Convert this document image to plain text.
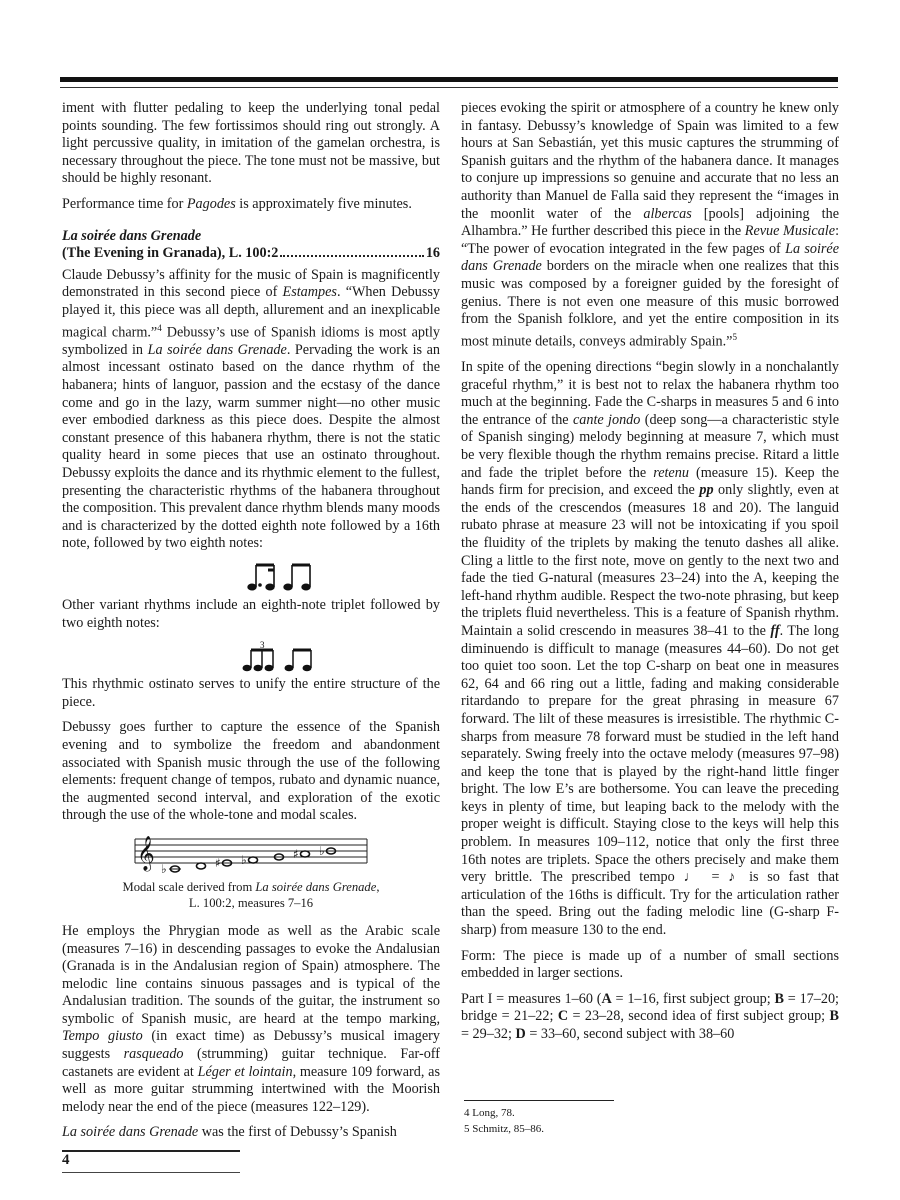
iment with flutter pedaling to keep the underlying tonal pedal points sounding. The few fortissimos should ring out strongly. A light percussive quality, in imitation of the gamelan orchestra, is necessary throughout the piece. The tone must not be massive, but should be highly resonant.

Performance time for Pagodes is approximately five minutes.

La soirée dans Grenade
(The Evening in Granada), L. 100:2	16

Claude Debussy’s affinity for the music of Spain is magnificently demonstrated in this second piece of Estampes. “When Debussy played it, this piece was all depth, allurement and an inexplicable magical charm.”$^4$ Debussy’s use of Spanish idioms is most aptly symbolized in La soirée dans Grenade. Pervading the work is an almost incessant ostinato based on the dance rhythm of the habanera; hints of languor, passion and the ecstasy of the dance come and go in the lazy, warm summer night—no other music ever embodied darkness as this piece does. Despite the almost constant presence of this habanera rhythm, there is not the static quality heard in some pieces that use an ostinato throughout. Debussy exploits the dance and its rhythmic element to the fullest, presenting the characteristic rhythms of the habanera throughout the composition. This prevalent dance rhythm blends many moods and is characterized by the dotted eighth note followed by a 16th note, followed by two eighth notes:

Other variant rhythms include an eighth-note triplet followed by two eighth notes:

3

This rhythmic ostinato serves to unify the entire structure of the piece.

Debussy goes further to capture the essence of the Spanish evening and to symbolize the freedom and abandonment associated with Spanish music through the use of the following elements: frequent change of tempos, rubato and dynamic nuance, the augmented second interval, and exploration of the exotic through the use of the whole-tone and modal scales.

𝄞 ♭	♯ ♭	♯ ♭
Modal scale derived from La soirée dans Grenade,
L. 100:2, measures 7–16

He employs the Phrygian mode as well as the Arabic scale (measures 7–16) in descending passages to evoke the Andalusian (Granada is in the Andalusian region of Spain) atmosphere. The melodic line contains sinuous passages and is typical of the Andalusian tradition. The sounds of the guitar, the instrument so symbolic of Spanish music, are heard at the tempo marking, Tempo giusto (in exact time) as Debussy’s musical imagery suggests rasqueado (strumming) guitar technique. Far-off castanets are evident at Léger et lointain, measure 109 forward, as well as more guitar strumming intertwined with the Moorish melody near the end of the piece (measures 122–129).

La soirée dans Grenade was the first of Debussy’s Spanish

pieces evoking the spirit or atmosphere of a country he knew only in fantasy. Debussy’s knowledge of Spain was limited to a few hours at San Sebastián, yet this music captures the strumming of Spanish guitars and the rhythm of the habanera dance. It manages to conjure up impressions so genuine and accurate that no less an authority than Manuel de Falla said they represent the “images in the moonlit water of the albercas [pools] adjoining the Alhambra.” He further described this piece in the Revue Musicale: “The power of evocation integrated in the few pages of La soirée dans Grenade borders on the miracle when one realizes that this music was composed by a foreigner guided by the foresight of genius. There is not even one measure of this music borrowed from the Spanish folklore, and yet the entire composition in its most minute details, conveys admirably Spain.”$^5$

In spite of the opening directions “begin slowly in a nonchalantly graceful rhythm,” it is best not to relax the habanera rhythm too much at the beginning. Fade the C-sharps in measures 5 and 6 into the entrance of the cante jondo (deep song—a characteristic style of Spanish singing) melody beginning at measure 7, which must be very flexible though the rhythm remains precise. Ritard a little and fade the triplet before the retenu (measure 15). Keep the hands firm for precision, and exceed the pp only slightly, even at the ends of the crescendos (measures 18 and 20). The languid rubato phrase at measure 23 will not be intoxicating if you spoil the fluidity of the triplets by making the tenuto dashes all alike. Cling a little to the first note, move on gently to the next two and fade the tied G-natural (measures 23–24) into the A, keeping the left-hand rhythm audible. Respect the two-note phrasing, but keep the triplets fluid nevertheless. This is a feature of Spanish rhythm. Maintain a solid crescendo in measures 38–41 to the ff. The long diminuendo is difficult to manage (measures 44–60). Do not get too quiet too soon. Let the top C-sharp on beat one in measures 62, 64 and 66 ring out a little, fading and making considerable ritardando to prepare for the great phrasing in measure 67 forward. The lilt of these measures is irresistible. The rhythmic C-sharps from measure 78 forward must be studied in the left hand separately. Swing freely into the octave melody (measures 97–98) and keep the tone that is played by the right-hand little finger bright. The low E’s are bothersome. You can leave the preceding keys in plenty of time, but leaping back to the melody with the proper weight is difficult. Staying close to the keys will help this problem. In measures 109–112, notice that only the first three 16th notes are triplets. Space the others precisely and make them very brittle. The prescribed tempo ♩ = ♪ is so fast that articulation of the 16ths is difficult. Try for the articulation rather than the speed. Bring out the fading melodic line (G-sharp F-sharp) from measure 130 to the end.

Form: The piece is made up of a number of small sections embedded in larger sections.

Part I = measures 1–60 (A = 1–16, first subject group; B = 17–20; bridge = 21–22; C = 23–28, second idea of first subject group; B = 29–32; D = 33–60, second subject with 38–60

4 Long, 78.
5 Schmitz, 85–86.
4
